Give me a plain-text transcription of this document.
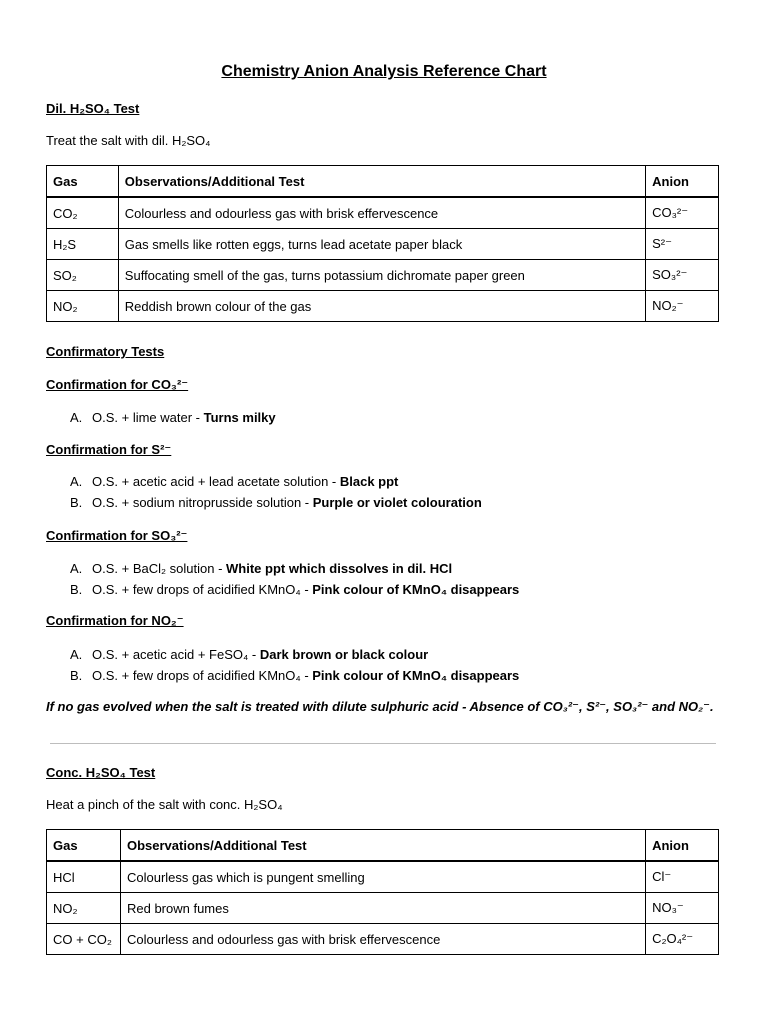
Chemistry Anion Analysis Reference Chart
Dil. H₂SO₄ Test
Treat the salt with dil. H₂SO₄
Gas	Observations/Additional Test	Anion
CO₂	Colourless and odourless gas with brisk effervescence	CO₃²⁻
H₂S	Gas smells like rotten eggs, turns lead acetate paper black	S²⁻
SO₂	Suffocating smell of the gas, turns potassium dichromate paper green	SO₃²⁻
NO₂	Reddish brown colour of the gas	NO₂⁻
Confirmatory Tests
Confirmation for CO₃²⁻
A. O.S. + lime water - Turns milky
Confirmation for S²⁻
A. O.S. + acetic acid + lead acetate solution - Black ppt
B. O.S. + sodium nitroprusside solution - Purple or violet colouration
Confirmation for SO₃²⁻
A. O.S. + BaCl₂ solution - White ppt which dissolves in dil. HCl
B. O.S. + few drops of acidified KMnO₄ - Pink colour of KMnO₄ disappears
Confirmation for NO₂⁻
A. O.S. + acetic acid + FeSO₄ - Dark brown or black colour
B. O.S. + few drops of acidified KMnO₄ - Pink colour of KMnO₄ disappears
If no gas evolved when the salt is treated with dilute sulphuric acid - Absence of CO₃²⁻, S²⁻, SO₃²⁻ and NO₂⁻.
Conc. H₂SO₄ Test
Heat a pinch of the salt with conc. H₂SO₄
Gas	Observations/Additional Test	Anion
HCl	Colourless gas which is pungent smelling	Cl⁻
NO₂	Red brown fumes	NO₃⁻
CO + CO₂	Colourless and odourless gas with brisk effervescence	C₂O₄²⁻
